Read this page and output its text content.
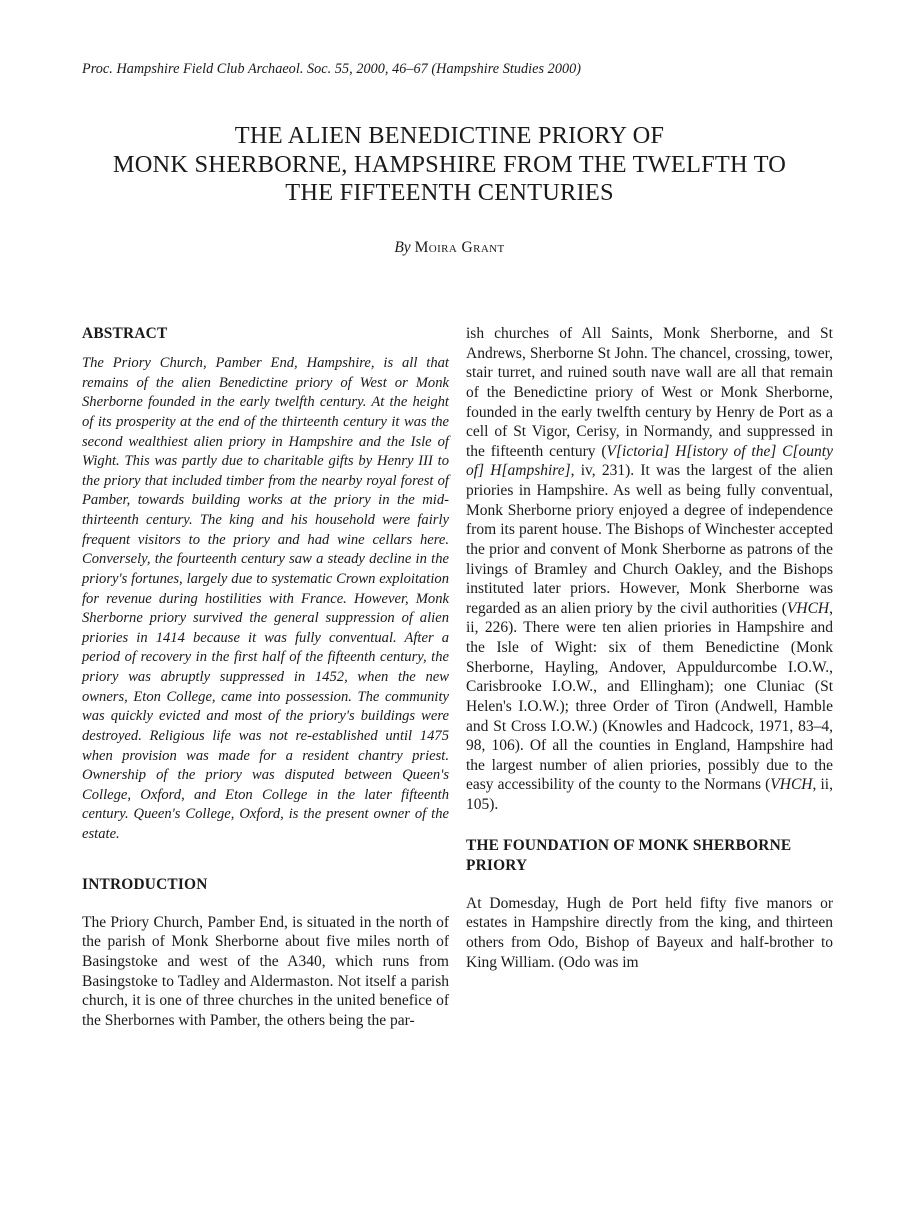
Proc. Hampshire Field Club Archaeol. Soc. 55, 2000, 46–67 (Hampshire Studies 2000)
THE ALIEN BENEDICTINE PRIORY OF
MONK SHERBORNE, HAMPSHIRE FROM THE TWELFTH TO
THE FIFTEENTH CENTURIES
By Moira Grant
ABSTRACT

The Priory Church, Pamber End, Hampshire, is all that remains of the alien Benedictine priory of West or Monk Sherborne founded in the early twelfth century. At the height of its prosperity at the end of the thirteenth century it was the second wealthiest alien priory in Hampshire and the Isle of Wight. This was partly due to charitable gifts by Henry III to the priory that included timber from the nearby royal forest of Pamber, towards building works at the priory in the mid-thirteenth century. The king and his household were fairly frequent visitors to the priory and had wine cellars here. Conversely, the fourteenth century saw a steady decline in the priory's fortunes, largely due to systematic Crown exploitation for revenue during hostilities with France. However, Monk Sherborne priory survived the general suppression of alien priories in 1414 because it was fully conventual. After a period of recovery in the first half of the fifteenth century, the priory was abruptly suppressed in 1452, when the new owners, Eton College, came into possession. The community was quickly evicted and most of the priory's buildings were destroyed. Religious life was not re-established until 1475 when provision was made for a resident chantry priest. Ownership of the priory was disputed between Queen's College, Oxford, and Eton College in the later fifteenth century. Queen's College, Oxford, is the present owner of the estate.

INTRODUCTION

The Priory Church, Pamber End, is situated in the north of the parish of Monk Sherborne about five miles north of Basingstoke and west of the A340, which runs from Basingstoke to Tadley and Aldermaston. Not itself a parish church, it is one of three churches in the united benefice of the Sherbornes with Pamber, the others being the par-

ish churches of All Saints, Monk Sherborne, and St Andrews, Sherborne St John. The chancel, crossing, tower, stair turret, and ruined south nave wall are all that remain of the Benedictine priory of West or Monk Sherborne, founded in the early twelfth century by Henry de Port as a cell of St Vigor, Cerisy, in Normandy, and suppressed in the fifteenth century (V[ictoria] H[istory of the] C[ounty of] H[ampshire], iv, 231). It was the largest of the alien priories in Hampshire. As well as being fully conventual, Monk Sherborne priory enjoyed a degree of independence from its parent house. The Bishops of Winchester accepted the prior and convent of Monk Sherborne as patrons of the livings of Bramley and Church Oakley, and the Bishops instituted later priors. However, Monk Sherborne was regarded as an alien priory by the civil authorities (VHCH, ii, 226). There were ten alien priories in Hampshire and the Isle of Wight: six of them Benedictine (Monk Sherborne, Hayling, Andover, Appuldurcombe I.O.W., Carisbrooke I.O.W., and Ellingham); one Cluniac (St Helen's I.O.W.); three Order of Tiron (Andwell, Hamble and St Cross I.O.W.) (Knowles and Hadcock, 1971, 83–4, 98, 106). Of all the counties in England, Hampshire had the largest number of alien priories, possibly due to the easy accessibility of the county to the Normans (VHCH, ii, 105).

THE FOUNDATION OF MONK SHERBORNE PRIORY

At Domesday, Hugh de Port held fifty five manors or estates in Hampshire directly from the king, and thirteen others from Odo, Bishop of Bayeux and half-brother to King William. (Odo was im
